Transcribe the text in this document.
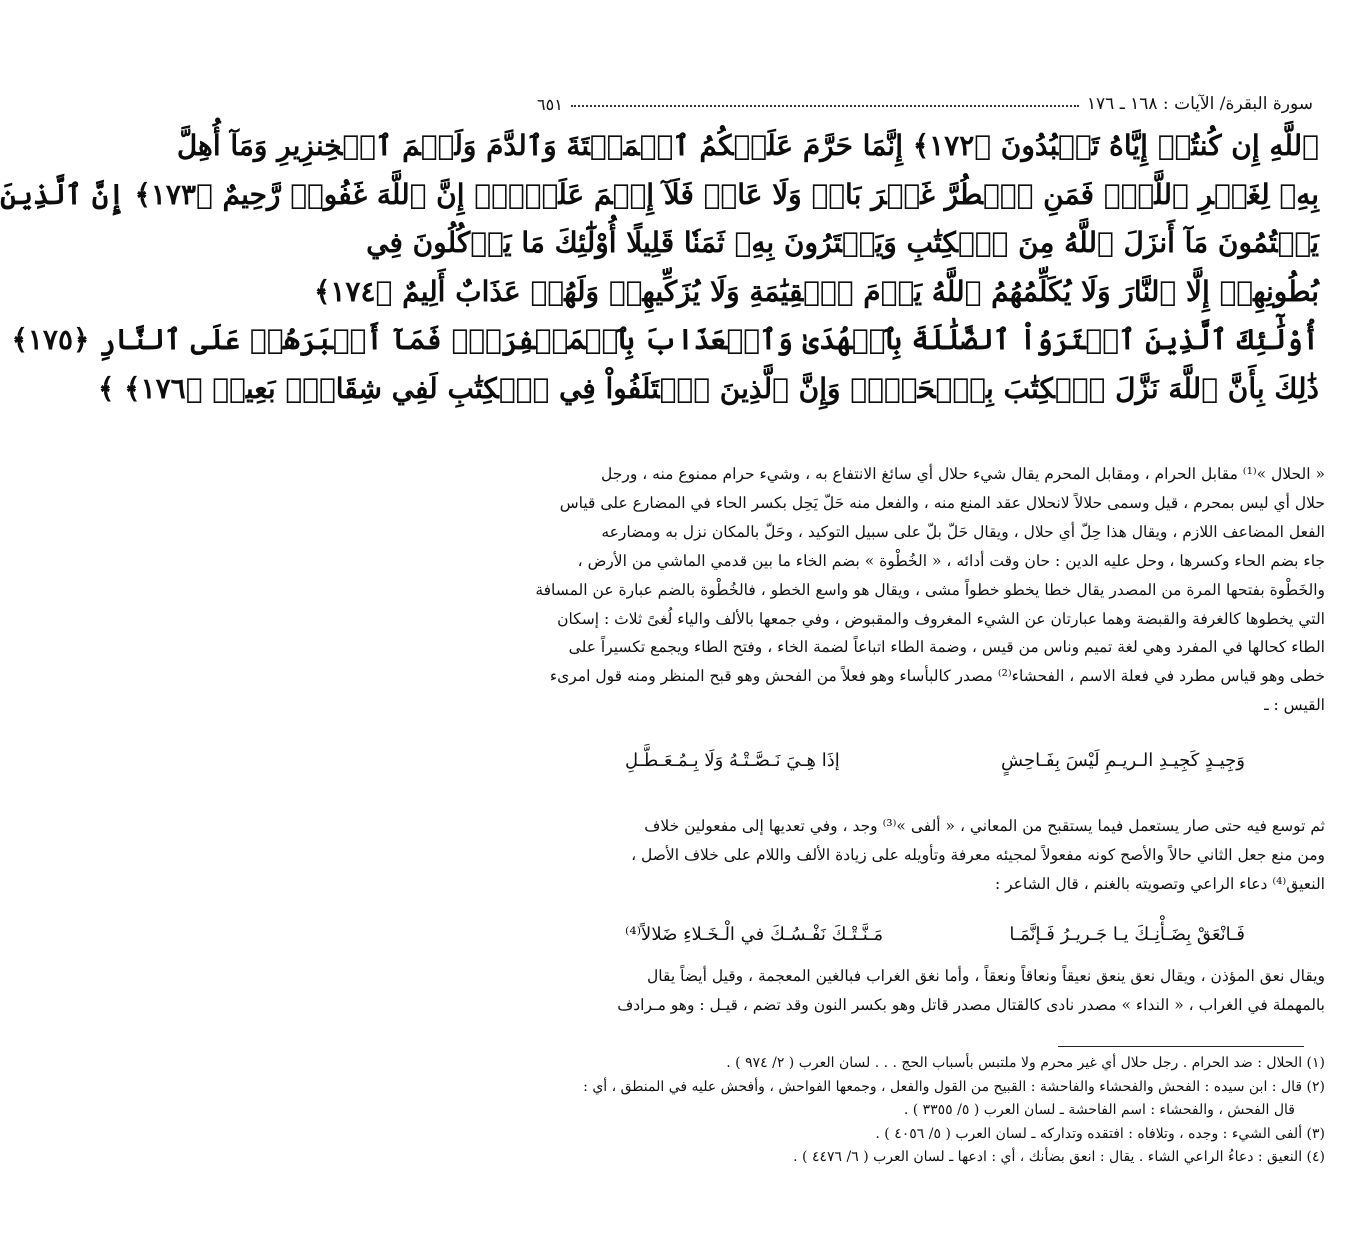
سورة البقرة/ الآيات : ١٦٨ ـ ١٧٦
٦٥١
ٱللَّهِ إِن كُنتُمۡ إِيَّاهُ تَعۡبُدُونَ ﴿١٧٢﴾ إِنَّمَا حَرَّمَ عَلَيۡكُمُ ٱلۡمَيۡتَةَ وَٱلدَّمَ وَلَحۡمَ ٱلۡخِنزِيرِ وَمَآ أُهِلَّ
بِهِۦ لِغَيۡرِ ٱللَّهِۖ فَمَنِ ٱضۡطُرَّ غَيۡرَ بَاغٖ وَلَا عَادٖ فَلَآ إِثۡمَ عَلَيۡهِۚ إِنَّ ٱللَّهَ غَفُورٞ رَّحِيمٌ ﴿١٧٣﴾ إِنَّ ٱلَّذِينَ
يَكۡتُمُونَ مَآ أَنزَلَ ٱللَّهُ مِنَ ٱلۡكِتَٰبِ وَيَشۡتَرُونَ بِهِۦ ثَمَنٗا قَلِيلًا أُوْلَٰٓئِكَ مَا يَأۡكُلُونَ فِي
بُطُونِهِمۡ إِلَّا ٱلنَّارَ وَلَا يُكَلِّمُهُمُ ٱللَّهُ يَوۡمَ ٱلۡقِيَٰمَةِ وَلَا يُزَكِّيهِمۡ وَلَهُمۡ عَذَابٌ أَلِيمٌ ﴿١٧٤﴾
أُوْلَٰٓئِكَ ٱلَّذِينَ ٱشۡتَرَوُاْ ٱلضَّلَٰلَةَ بِٱلۡهُدَىٰ وَٱلۡعَذَابَ بِٱلۡمَغۡفِرَةِۚ فَمَآ أَصۡبَرَهُمۡ عَلَى ٱلنَّارِ ﴿١٧٥﴾
ذَٰلِكَ بِأَنَّ ٱللَّهَ نَزَّلَ ٱلۡكِتَٰبَ بِٱلۡحَقِّۗ وَإِنَّ ٱلَّذِينَ ٱخۡتَلَفُواْ فِي ٱلۡكِتَٰبِ لَفِي شِقَاقِۭ بَعِيدٖ ﴿١٧٦﴾ ﴾
« الحلال »⁽¹⁾ مقابل الحرام ، ومقابل المحرم يقال شيء حلال أي سائغ الانتفاع به ، وشيء حرام ممنوع منه ، ورجل
حلال أي ليس بمحرم ، قيل وسمى حلالاً لانحلال عقد المنع منه ، والفعل منه حَلّ يَحِل بكسر الحاء في المضارع على قياس
الفعل المضاعف اللازم ، ويقال هذا حِلّ أي حلال ، ويقال حَلّ بلّ على سبيل التوكيد ، وحَلّ بالمكان نزل به ومضارعه
جاء بضم الحاء وكسرها ، وحل عليه الدين : حان وقت أدائه ، « الخُطْوة » بضم الخاء ما بين قدمي الماشي من الأرض ،
والخَطْوة بفتحها المرة من المصدر يقال خطا يخطو خطواً مشى ، ويقال هو واسع الخطو ، فالخُطْوة بالضم عبارة عن المسافة
التي يخطوها كالغرفة والقبضة وهما عبارتان عن الشيء المغروف والمقبوض ، وفي جمعها بالألف والياء لُغىً ثلاث : إسكان
الطاء كحالها في المفرد وهي لغة تميم وناس من قيس ، وضمة الطاء اتباعاً لضمة الخاء ، وفتح الطاء ويجمع تكسيراً على
خطى وهو قياس مطرد في فعلة الاسم ، الفحشاء⁽²⁾ مصدر كالبأساء وهو فعلاً من الفحش وهو قبح المنظر ومنه قول امرىء
القيس : ـ
وَجِيـدٍ كَجِيـدِ الـريـمِ لَيْسَ بِفَـاحِشٍ
إذَا هِـيَ نَـصَّـتْـهُ وَلَا بِـمُـعَـطَّـلِ
ثم توسع فيه حتى صار يستعمل فيما يستقبح من المعاني ، « ألفى »⁽³⁾ وجد ، وفي تعديها إلى مفعولين خلاف
ومن منع جعل الثاني حالاً والأصح كونه مفعولاً لمجيئه معرفة وتأويله على زيادة الألف واللام على خلاف الأصل ،
النعيق⁽⁴⁾ دعاء الراعي وتصويته بالغنم ، قال الشاعر :
فَـانْعَقْ بِضَـأْنِـكَ يـا جَـريـرُ فَـإنَّمَـا
مَـنَّـتْـكَ نَفْـسُـكَ في الْـخَـلاءِ ضَلالاً⁽⁴⁾
ويقال نعق المؤذن ، ويقال نعق ينعق نعيقاً ونعاقاً ونعقاً ، وأما نغق الغراب فبالغين المعجمة ، وقيل أيضاً يقال
بالمهملة في الغراب ، « النداء » مصدر نادى كالقتال مصدر قاتل وهو بكسر النون وقد تضم ، قيـل : وهو مـرادف
(١) الحلال : ضد الحرام . رجل حلال أي غير محرم ولا ملتبس بأسباب الحج . . . لسان العرب ( ٢/ ٩٧٤ ) .
(٢) قال : ابن سيده : الفحش والفحشاء والفاحشة : القبيح من القول والفعل ، وجمعها الفواحش ، وأفحش عليه في المنطق ، أي :
قال الفحش ، والفحشاء : اسم الفاحشة ـ لسان العرب ( ٥/ ٣٣٥٥ ) .
(٣) ألفى الشيء : وجده ، وتلافاه : افتقده وتداركه ـ لسان العرب ( ٥/ ٤٠٥٦ ) .
(٤) النعيق : دعاءُ الراعي الشاء . يقال : انعق بضأنك ، أي : ادعها ـ لسان العرب ( ٦/ ٤٤٧٦ ) .
